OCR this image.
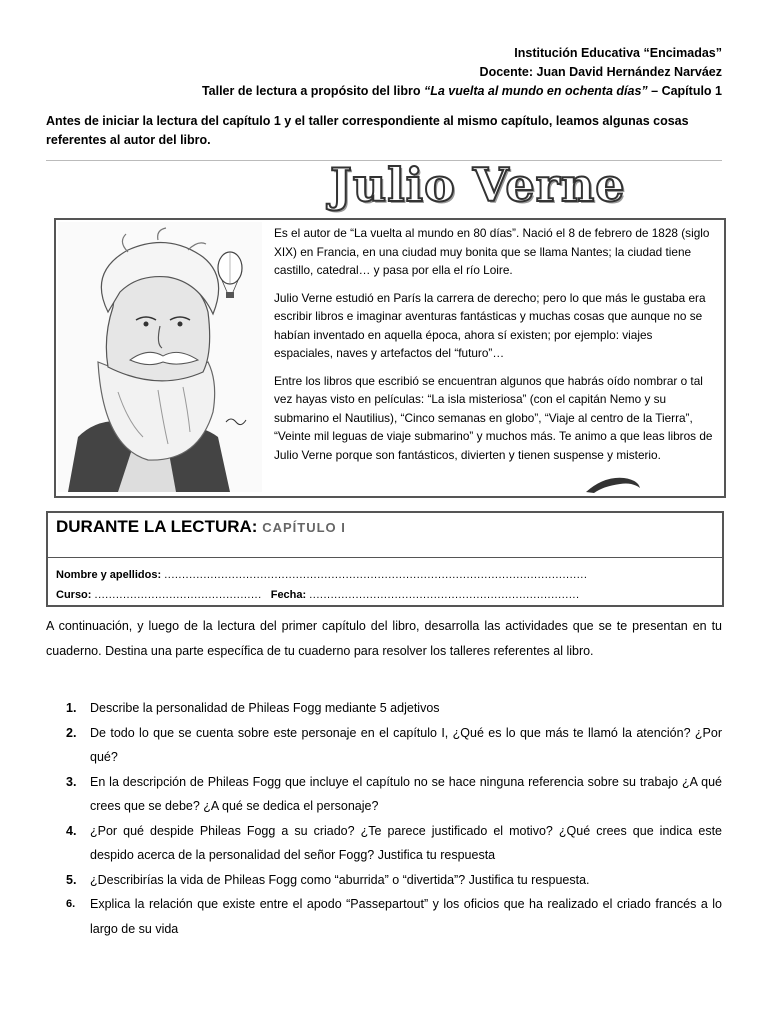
Institución Educativa “Encimadas”
Docente: Juan David Hernández Narváez
Taller de lectura a propósito del libro “La vuelta al mundo en ochenta días” – Capítulo 1
Antes de iniciar la lectura del capítulo 1 y el taller correspondiente al mismo capítulo, leamos algunas cosas referentes al autor del libro.
Julio Verne

Es el autor de “La vuelta al mundo en 80 días”. Nació el 8 de febrero de 1828 (siglo XIX) en Francia, en una ciudad muy bonita que se llama Nantes; la ciudad tiene castillo, catedral… y pasa por ella el río Loire.

Julio Verne estudió en París la carrera de derecho; pero lo que más le gustaba era escribir libros e imaginar aventuras fantásticas y muchas cosas que aunque no se habían inventado en aquella época, ahora sí existen; por ejemplo: viajes espaciales, naves y artefactos del “futuro”…

Entre los libros que escribió se encuentran algunos que habrás oído nombrar o tal vez hayas visto en películas: “La isla misteriosa” (con el capitán Nemo y su submarino el Nautilius), “Cinco semanas en globo”, “Viaje al centro de la Tierra”, “Veinte mil leguas de viaje submarino” y muchos más. Te animo a que leas libros de Julio Verne porque son fantásticos, divierten y tienen suspense y misterio.

DURANTE LA LECTURA: CAPÍTULO I
Nombre y apellidos: .......................................................................................................................
Curso: ............................................... Fecha: ............................................................................
A continuación, y luego de la lectura del primer capítulo del libro, desarrolla las actividades que se te presentan en tu cuaderno. Destina una parte específica de tu cuaderno para resolver los talleres referentes al libro.
1. Describe la personalidad de Phileas Fogg mediante 5 adjetivos
2. De todo lo que se cuenta sobre este personaje en el capítulo I, ¿Qué es lo que más te llamó la atención? ¿Por qué?
3. En la descripción de Phileas Fogg que incluye el capítulo no se hace ninguna referencia sobre su trabajo ¿A qué crees que se debe? ¿A qué se dedica el personaje?
4. ¿Por qué despide Phileas Fogg a su criado? ¿Te parece justificado el motivo? ¿Qué crees que indica este despido acerca de la personalidad del señor Fogg? Justifica tu respuesta
5. ¿Describirías la vida de Phileas Fogg como “aburrida” o “divertida”? Justifica tu respuesta.
6. Explica la relación que existe entre el apodo “Passepartout” y los oficios que ha realizado el criado francés a lo largo de su vida
